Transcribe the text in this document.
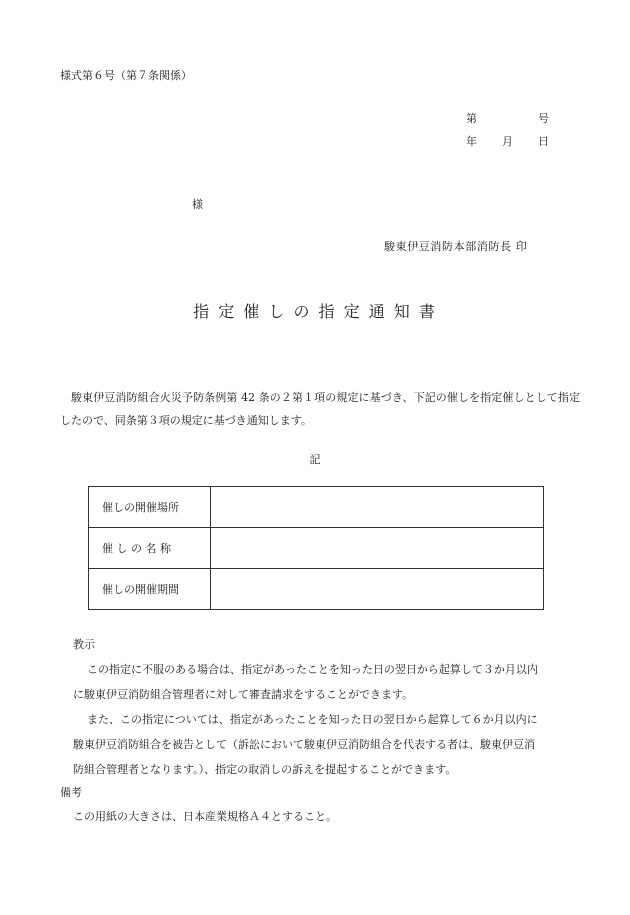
様式第６号（第７条関係）
第	号
年 月 日
様
駿東伊豆消防本部消防長 印
指 定 催 し の 指 定 通 知 書
駿東伊豆消防組合火災予防条例第 42 条の２第１項の規定に基づき、下記の催しを指定催しとして指定したので、同条第３項の規定に基づき通知します。
記
催しの開催場所	
催 し の 名 称	
催しの開催期間	
教示
この指定に不服のある場合は、指定があったことを知った日の翌日から起算して３か月以内
に駿東伊豆消防組合管理者に対して審査請求をすることができます。
また、この指定については、指定があったことを知った日の翌日から起算して６か月以内に
駿東伊豆消防組合を被告として（訴訟において駿東伊豆消防組合を代表する者は、駿東伊豆消
防組合管理者となります。）、指定の取消しの訴えを提起することができます。
備考
この用紙の大きさは、日本産業規格Ａ４とすること。
